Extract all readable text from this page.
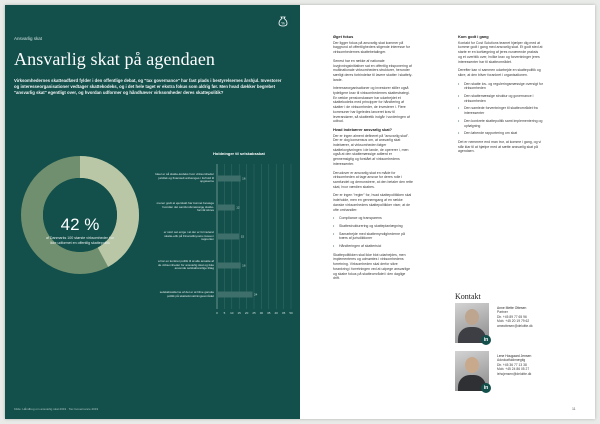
Ansvarlig skat
Ansvarlig skat på agendaen

Virksomhedernes skatteadfærd fylder i den offentlige debat, og "tax governance" har fast plads i bestyrelsernes årshjul. Investorer og interesseorganisationer vedtager skattekodeks, og i det hele taget er ekstra fokus som aldrig før. Men hvad dækker begrebet "ansvarlig skat" egentligt over, og hvordan udformer og håndhæver virksomheder deres skattepolitik?

42 %
af Danmarks 100 største virksomheder har ikke udformet en offentlig skattepolitik
Holdninger til selskabsskat
0 5 10 15 20 25 30 35 40 45 50
16
Ideel er så skatte-kodeks hvor virksomheder juridisk og finansielt anhænges i forhold til opgaverne
12
mener godt at ejerskab har kunnet bevæge hvordan det samfundsmæssige skatte-formål sikres
15
er stort set enige i at der er formuleret skatte-etik på Finanstilsynets niveau i rapporten
16
a har en konkret politik til at alle ansatte af de virksomheder for ansvarlig skat og ikke anvende selskabsretlige tiltag
24
selskabssiderne af det er at blive ganske politik på skatteforvaltningsområdet
Kilde: Håndbog om ansvarlig skat 2019 · Tax Governance 2019
Øget fokus

Der ligger fokus på ansvarlig skat kommer på baggrund af offentligheders stigende interesse for virksomhedernes skattebetalinger.

Senest har en række af nationale lovgivningsinitiativer sat en offentlig eksponering af multinationale virksomheders strukturer, herunder særligt deres forbindelse til lavere skatter i skattely-lande.

Interesseorganisationer og investorer stiller også tydeligere krav til virksomhedernes skattestrategi. En række pensionskasser har udarbejdet et skattekodeks med principper for håndtering af skatter i de virksomheder, de investerer i. Flere kommuner har ligeledes lanceret krav til leverandører, så skatteetik indgår i vurderingen af udbud.

Hvad indebærer ansvarlig skat?

Der er ingen alment defineret på "ansvarlig skat". Der er dog konsensus om, at ansvarlig skat indebærer, at virksomheden følger skattelovgivningen i de lande, de opererer i, men også at den skattemæssige adfærd er gennemsigtig og forstået af virksomhedens interessenter.

Derudover er ansvarlig skat en måde for virksomheden at tage ansvar for deres rolle i samfundet og demonstrere, at den betaler den rette skat, hvor værdien skabes.

Der er ingen "regler" for, hvad skattepolitikken skal indeholde, men en gennemgang af en række danske virksomheders skattepolitikker viser, at de ofte omhandler:

• Compliance og transparens
• Skattestrukturering og skatteplanlægning
• Samarbejde med skattemyndighederne på tværs af jurisdiktioner
• Håndteringen af skatterisici

Skattepolitikken skal ikke blot udarbejdes, men implementeres og udmøntes i virksomhedens forretning. Virksomheden skal derfor sikre forankring i forretningen ved at udpege ansvarlige og skabe fokus på skatteområdet i den daglige drift.

Kom godt i gang

Kontakt for Cost Solutions teamet hjælper dig med at komme godt i gang med ansvarlig skat. Et godt sted at starte er en kortlægning af jeres nuværende praksis og et overblik over, hvilke krav og forventninger jeres interessenter har til skatteområdet.

Derefter kan vi sammen udarbejde en skattepolitik og sikre, at den bliver forankret i organisationen.

• Den skatte lov- og reguleringsmæssige oversigt for virksomheden
• Den skattemæssige struktur og governance i virksomheden
• Den samlede forventninger til skatteområdet fra interessenter
• Den konkrete skattepolitik samt implementering og opfølgning
• Den løbende rapportering om skat

Det er nemmere end man tror, at komme i gang, og vi står klar til at hjælpe med at sætte ansvarlig skat på agendaen.

Kontakt
in
Anne Mette Ottesen
Partner
Dir. +45 89 77 65 96
Mob. +45 20 19 79 62
ameottesen@deloitte.dk
in
Lene Hougaard Jensen
Advokatfuldmægtig
Dir. +45 36 77 13 38
Mob. +45 24 86 05 27
lehojensen@deloitte.dk
11
%
